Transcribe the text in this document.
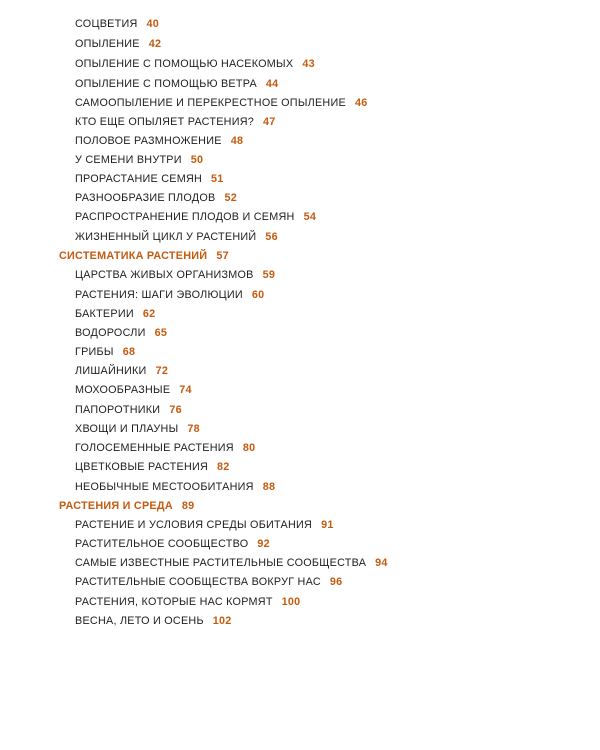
СОЦВЕТИЯ 40
ОПЫЛЕНИЕ 42
ОПЫЛЕНИЕ С ПОМОЩЬЮ НАСЕКОМЫХ 43
ОПЫЛЕНИЕ С ПОМОЩЬЮ ВЕТРА 44
САМООПЫЛЕНИЕ И ПЕРЕКРЕСТНОЕ ОПЫЛЕНИЕ 46
КТО ЕЩЕ ОПЫЛЯЕТ РАСТЕНИЯ? 47
ПОЛОВОЕ РАЗМНОЖЕНИЕ 48
У СЕМЕНИ ВНУТРИ 50
ПРОРАСТАНИЕ СЕМЯН 51
РАЗНООБРАЗИЕ ПЛОДОВ 52
РАСПРОСТРАНЕНИЕ ПЛОДОВ И СЕМЯН 54
ЖИЗНЕННЫЙ ЦИКЛ У РАСТЕНИЙ 56
СИСТЕМАТИКА РАСТЕНИЙ 57
ЦАРСТВА ЖИВЫХ ОРГАНИЗМОВ 59
РАСТЕНИЯ: ШАГИ ЭВОЛЮЦИИ 60
БАКТЕРИИ 62
ВОДОРОСЛИ 65
ГРИБЫ 68
ЛИШАЙНИКИ 72
МОХООБРАЗНЫЕ 74
ПАПОРОТНИКИ 76
ХВОЩИ И ПЛАУНЫ 78
ГОЛОСЕМЕННЫЕ РАСТЕНИЯ 80
ЦВЕТКОВЫЕ РАСТЕНИЯ 82
НЕОБЫЧНЫЕ МЕСТООБИТАНИЯ 88
РАСТЕНИЯ И СРЕДА 89
РАСТЕНИЕ И УСЛОВИЯ СРЕДЫ ОБИТАНИЯ 91
РАСТИТЕЛЬНОЕ СООБЩЕСТВО 92
САМЫЕ ИЗВЕСТНЫЕ РАСТИТЕЛЬНЫЕ СООБЩЕСТВА 94
РАСТИТЕЛЬНЫЕ СООБЩЕСТВА ВОКРУГ НАС 96
РАСТЕНИЯ, КОТОРЫЕ НАС КОРМЯТ 100
ВЕСНА, ЛЕТО И ОСЕНЬ 102
